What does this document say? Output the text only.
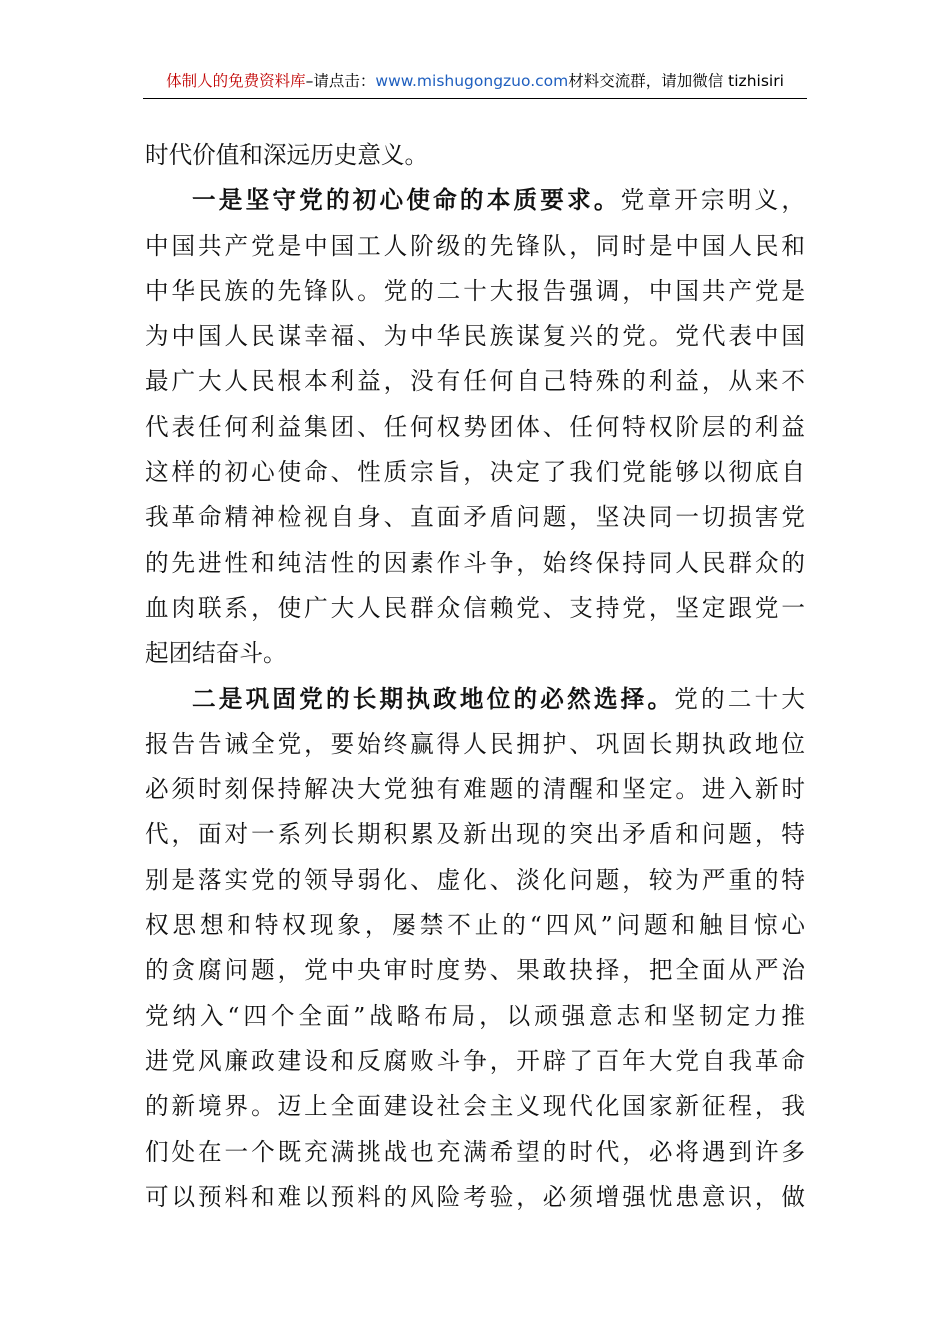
体制人的免费资料库–请点击：www.mishugongzuo.com材料交流群，请加微信 tizhisiri
时代价值和深远历史意义。
一是坚守党的初心使命的本质要求。党章开宗明义，
中国共产党是中国工人阶级的先锋队，同时是中国人民和
中华民族的先锋队。党的二十大报告强调，中国共产党是
为中国人民谋幸福、为中华民族谋复兴的党。党代表中国
最广大人民根本利益，没有任何自己特殊的利益，从来不
代表任何利益集团、任何权势团体、任何特权阶层的利益
这样的初心使命、性质宗旨，决定了我们党能够以彻底自
我革命精神检视自身、直面矛盾问题，坚决同一切损害党
的先进性和纯洁性的因素作斗争，始终保持同人民群众的
血肉联系，使广大人民群众信赖党、支持党，坚定跟党一
起团结奋斗。
二是巩固党的长期执政地位的必然选择。党的二十大
报告告诫全党，要始终赢得人民拥护、巩固长期执政地位
必须时刻保持解决大党独有难题的清醒和坚定。进入新时
代，面对一系列长期积累及新出现的突出矛盾和问题，特
别是落实党的领导弱化、虚化、淡化问题，较为严重的特
权思想和特权现象，屡禁不止的“四风”问题和触目惊心
的贪腐问题，党中央审时度势、果敢抉择，把全面从严治
党纳入“四个全面”战略布局，以顽强意志和坚韧定力推
进党风廉政建设和反腐败斗争，开辟了百年大党自我革命
的新境界。迈上全面建设社会主义现代化国家新征程，我
们处在一个既充满挑战也充满希望的时代，必将遇到许多
可以预料和难以预料的风险考验，必须增强忧患意识，做
